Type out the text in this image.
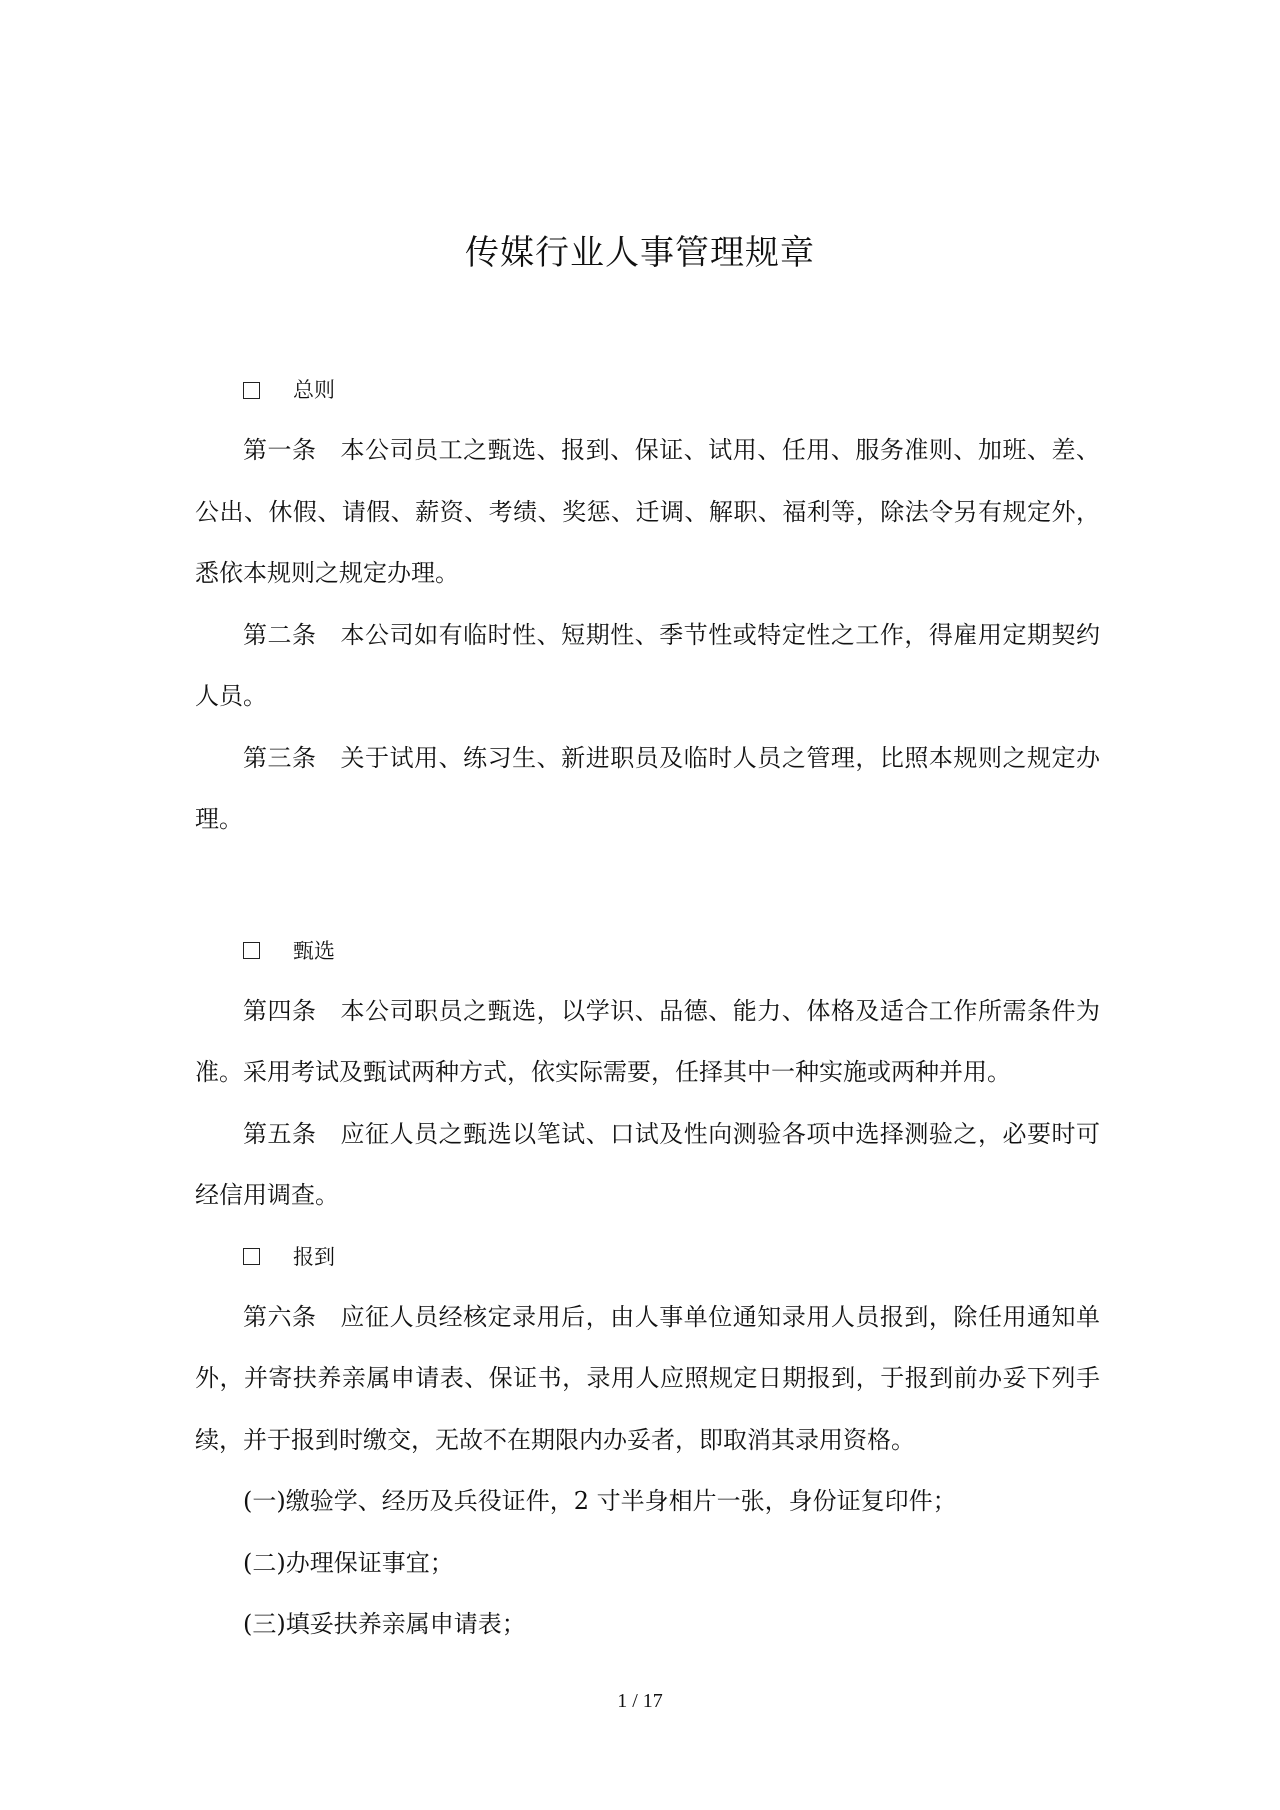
传媒行业人事管理规章
总则

第一条 本公司员工之甄选、报到、保证、试用、任用、服务准则、加班、差、公出、休假、请假、薪资、考绩、奖惩、迁调、解职、福利等，除法令另有规定外，悉依本规则之规定办理。

第二条 本公司如有临时性、短期性、季节性或特定性之工作，得雇用定期契约人员。

第三条 关于试用、练习生、新进职员及临时人员之管理，比照本规则之规定办理。

甄选

第四条 本公司职员之甄选，以学识、品德、能力、体格及适合工作所需条件为准。采用考试及甄试两种方式，依实际需要，任择其中一种实施或两种并用。

第五条 应征人员之甄选以笔试、口试及性向测验各项中选择测验之，必要时可经信用调查。

报到

第六条 应征人员经核定录用后，由人事单位通知录用人员报到，除任用通知单外，并寄扶养亲属申请表、保证书，录用人应照规定日期报到，于报到前办妥下列手续，并于报到时缴交，无故不在期限内办妥者，即取消其录用资格。

(一)缴验学、经历及兵役证件，2 寸半身相片一张，身份证复印件；

(二)办理保证事宜；

(三)填妥扶养亲属申请表；

1 / 17
